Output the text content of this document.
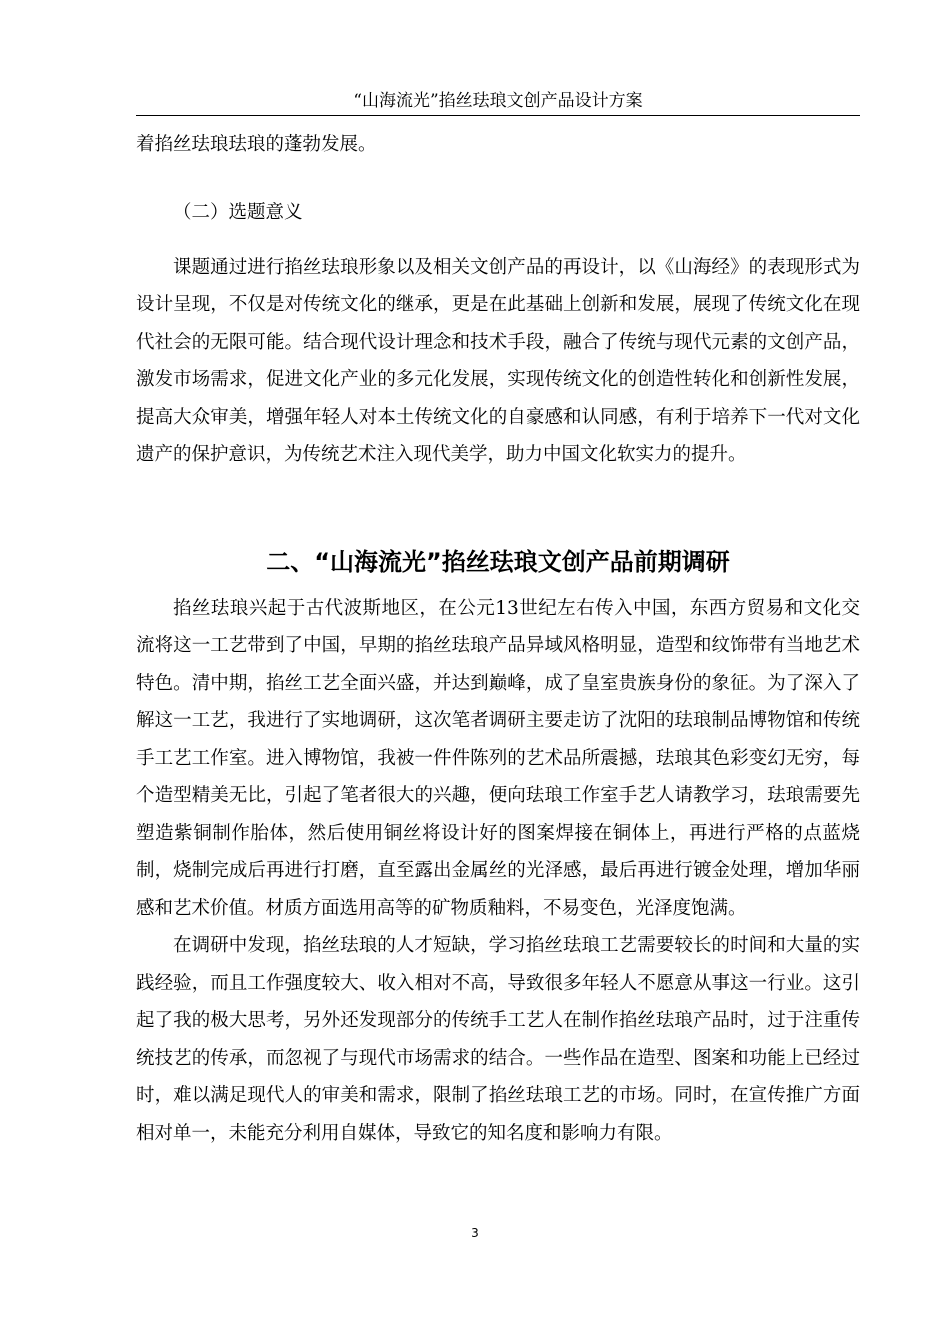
“山海流光”掐丝珐琅文创产品设计方案

着掐丝珐琅珐琅的蓬勃发展。

（二）选题意义

课题通过进行掐丝珐琅形象以及相关文创产品的再设计，以《山海经》的表现形式为设计呈现，不仅是对传统文化的继承，更是在此基础上创新和发展，展现了传统文化在现代社会的无限可能。结合现代设计理念和技术手段，融合了传统与现代元素的文创产品，激发市场需求，促进文化产业的多元化发展，实现传统文化的创造性转化和创新性发展，提高大众审美，增强年轻人对本土传统文化的自豪感和认同感，有利于培养下一代对文化遗产的保护意识，为传统艺术注入现代美学，助力中国文化软实力的提升。

二、“山海流光”掐丝珐琅文创产品前期调研

掐丝珐琅兴起于古代波斯地区，在公元13世纪左右传入中国，东西方贸易和文化交流将这一工艺带到了中国，早期的掐丝珐琅产品异域风格明显，造型和纹饰带有当地艺术特色。清中期，掐丝工艺全面兴盛，并达到巅峰，成了皇室贵族身份的象征。为了深入了解这一工艺，我进行了实地调研，这次笔者调研主要走访了沈阳的珐琅制品博物馆和传统手工艺工作室。进入博物馆，我被一件件陈列的艺术品所震撼，珐琅其色彩变幻无穷，每个造型精美无比，引起了笔者很大的兴趣，便向珐琅工作室手艺人请教学习，珐琅需要先塑造紫铜制作胎体，然后使用铜丝将设计好的图案焊接在铜体上，再进行严格的点蓝烧制，烧制完成后再进行打磨，直至露出金属丝的光泽感，最后再进行镀金处理，增加华丽感和艺术价值。材质方面选用高等的矿物质釉料，不易变色，光泽度饱满。

在调研中发现，掐丝珐琅的人才短缺，学习掐丝珐琅工艺需要较长的时间和大量的实践经验，而且工作强度较大、收入相对不高，导致很多年轻人不愿意从事这一行业。这引起了我的极大思考，另外还发现部分的传统手工艺人在制作掐丝珐琅产品时，过于注重传统技艺的传承，而忽视了与现代市场需求的结合。一些作品在造型、图案和功能上已经过时，难以满足现代人的审美和需求，限制了掐丝珐琅工艺的市场。同时，在宣传推广方面相对单一，未能充分利用自媒体，导致它的知名度和影响力有限。

3
